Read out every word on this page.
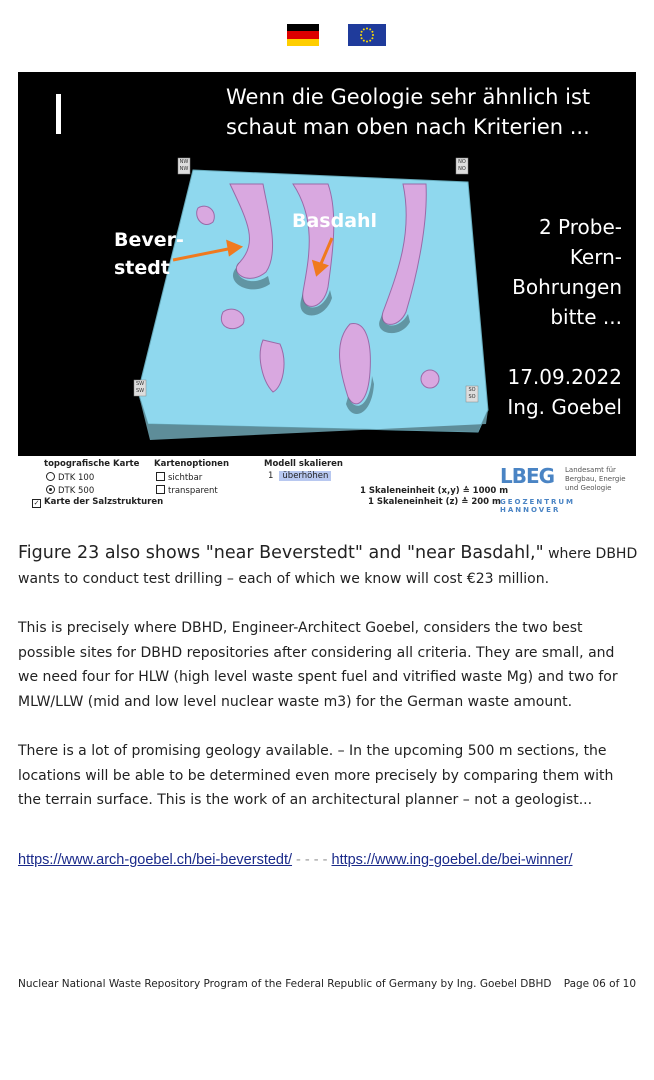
Wenn die Geologie sehr ähnlich ist
schaut man oben nach Kriterien ...
Bever-
stedt
Basdahl	2 Probe-
Kern-
Bohrungen
bitte ...
17.09.2022
Ing. Goebel
NW
NW
NO
NO
SW
SW	SO
SO
topografische Karte
DTK 100
DTK 500
✓ Karte der Salzstrukturen
Kartenoptionen
sichtbar
transparent
Modell skalieren
1 überhöhen
1 Skaleneinheit (x,y) ≙ 1000 m
1 Skaleneinheit (z) ≙ 200 m
LBEG Landesamt für
Bergbau, Energie
und Geologie
GEOZENTRUM HANNOVER
Figure 23 also shows "near Beverstedt" and "near Basdahl," where DBHD wants to conduct test drilling – each of which we know will cost €23 million.
This is precisely where DBHD, Engineer-Architect Goebel, considers the two best possible sites for DBHD repositories after considering all criteria. They are small, and we need four for HLW (high level waste spent fuel and vitrified waste Mg) and two for MLW/LLW (mid and low level nuclear waste m3) for the German waste amount.
There is a lot of promising geology available. – In the upcoming 500 m sections, the locations will be able to be determined even more precisely by comparing them with the terrain surface. This is the work of an architectural planner – not a geologist...
https://www.arch-goebel.ch/bei-beverstedt/ - - - - https://www.ing-goebel.de/bei-winner/
Nuclear National Waste Repository Program of the Federal Republic of Germany by Ing. Goebel DBHD Page 06 of 10
